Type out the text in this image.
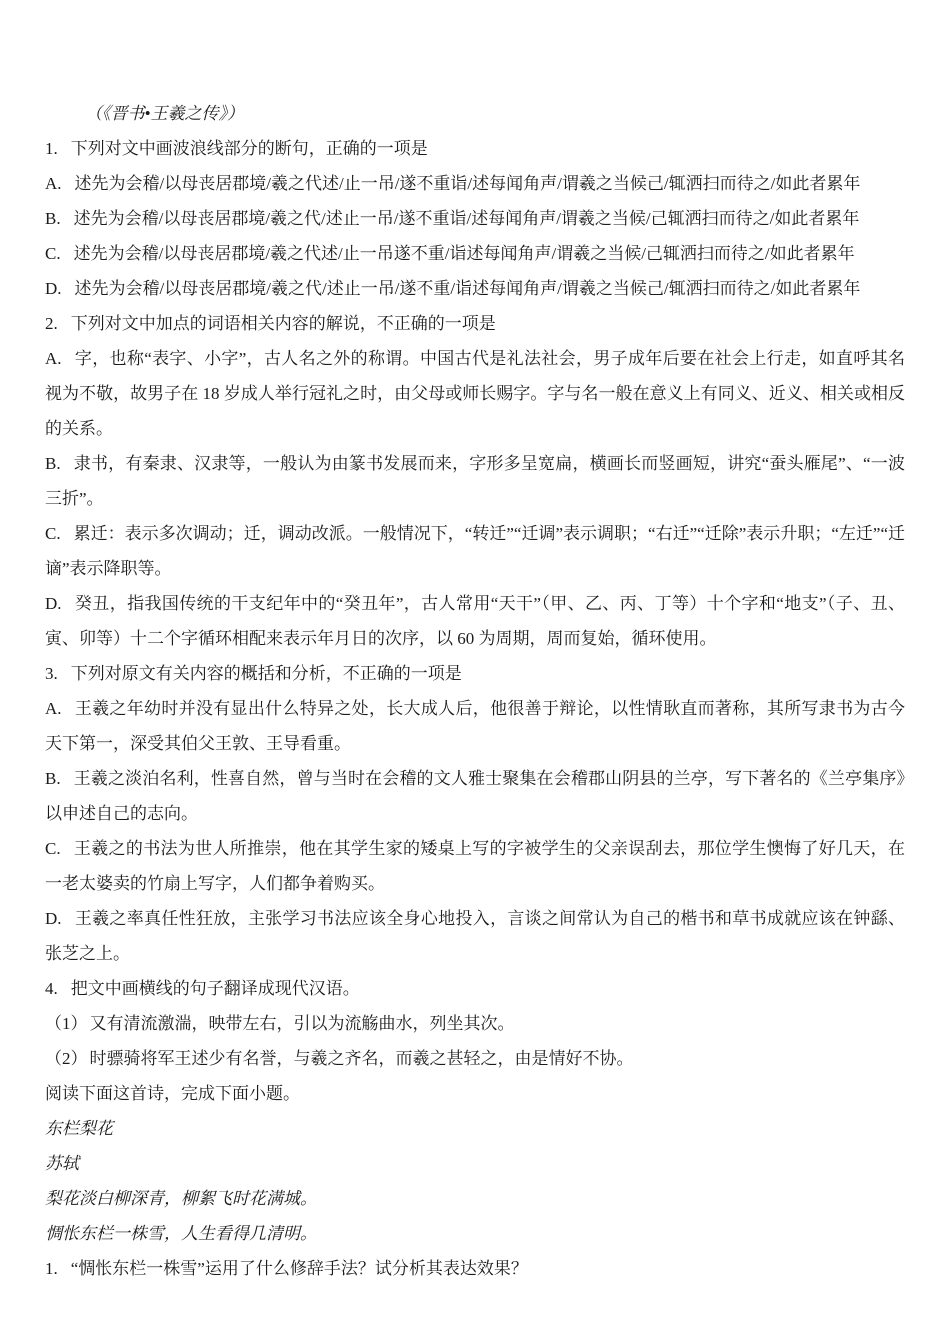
（《晋书•王羲之传》）

1. 下列对文中画波浪线部分的断句，正确的一项是

A. 述先为会稽/以母丧居郡境/羲之代述/止一吊/遂不重诣/述每闻角声/谓羲之当候己/辄洒扫而待之/如此者累年

B. 述先为会稽/以母丧居郡境/羲之代/述止一吊/遂不重诣/述每闻角声/谓羲之当候/己辄洒扫而待之/如此者累年

C. 述先为会稽/以母丧居郡境/羲之代述/止一吊遂不重/诣述每闻角声/谓羲之当候/己辄洒扫而待之/如此者累年

D. 述先为会稽/以母丧居郡境/羲之代/述止一吊/遂不重/诣述每闻角声/谓羲之当候己/辄洒扫而待之/如此者累年

2. 下列对文中加点的词语相关内容的解说，不正确的一项是

A. 字，也称“表字、小字”，古人名之外的称谓。中国古代是礼法社会，男子成年后要在社会上行走，如直呼其名视为不敬，故男子在 18 岁成人举行冠礼之时，由父母或师长赐字。字与名一般在意义上有同义、近义、相关或相反的关系。

B. 隶书，有秦隶、汉隶等，一般认为由篆书发展而来，字形多呈宽扁，横画长而竖画短，讲究“蚕头雁尾”、“一波三折”。

C. 累迁：表示多次调动；迁，调动改派。一般情况下，“转迁”“迁调”表示调职；“右迁”“迁除”表示升职；“左迁”“迁谪”表示降职等。

D. 癸丑，指我国传统的干支纪年中的“癸丑年”，古人常用“天干”（甲、乙、丙、丁等）十个字和“地支”（子、丑、寅、卯等）十二个字循环相配来表示年月日的次序，以 60 为周期，周而复始，循环使用。

3. 下列对原文有关内容的概括和分析，不正确的一项是

A. 王羲之年幼时并没有显出什么特异之处，长大成人后，他很善于辩论，以性情耿直而著称，其所写隶书为古今天下第一，深受其伯父王敦、王导看重。

B. 王羲之淡泊名利，性喜自然，曾与当时在会稽的文人雅士聚集在会稽郡山阴县的兰亭，写下著名的《兰亭集序》以申述自己的志向。

C. 王羲之的书法为世人所推崇，他在其学生家的矮桌上写的字被学生的父亲误刮去，那位学生懊悔了好几天，在一老太婆卖的竹扇上写字，人们都争着购买。

D. 王羲之率真任性狂放，主张学习书法应该全身心地投入，言谈之间常认为自己的楷书和草书成就应该在钟繇、张芝之上。

4. 把文中画横线的句子翻译成现代汉语。

（1） 又有清流激湍，映带左右，引以为流觞曲水，列坐其次。

（2） 时骠骑将军王述少有名誉，与羲之齐名，而羲之甚轻之，由是情好不协。

阅读下面这首诗，完成下面小题。

东栏梨花

苏轼

梨花淡白柳深青，柳絮飞时花满城。

惆怅东栏一株雪，人生看得几清明。

1. “惆怅东栏一株雪”运用了什么修辞手法？试分析其表达效果？
